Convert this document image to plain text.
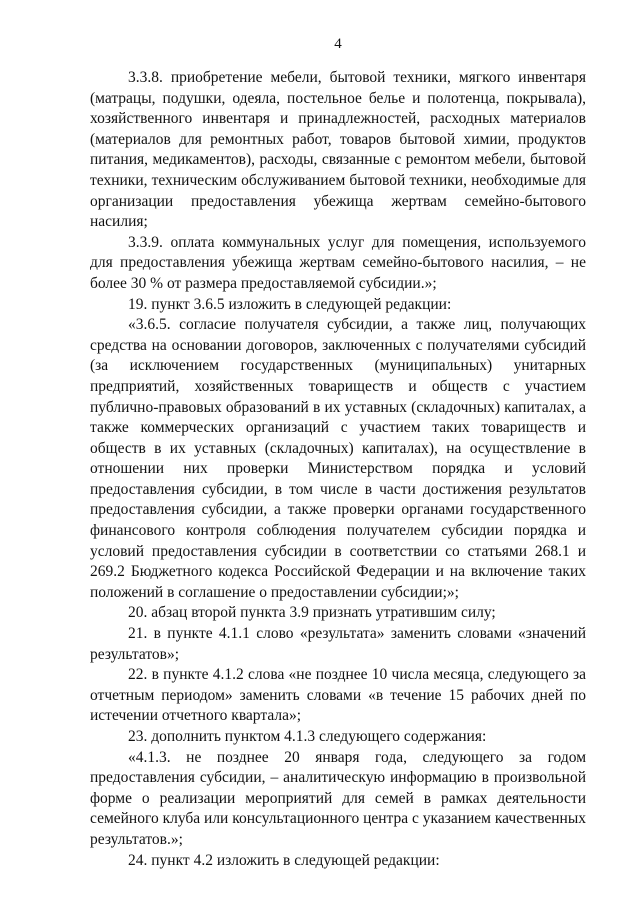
4

3.3.8. приобретение мебели, бытовой техники, мягкого инвентаря (матрацы, подушки, одеяла, постельное белье и полотенца, покрывала), хозяйственного инвентаря и принадлежностей, расходных материалов (материалов для ремонтных работ, товаров бытовой химии, продуктов питания, медикаментов), расходы, связанные с ремонтом мебели, бытовой техники, техническим обслуживанием бытовой техники, необходимые для организации предоставления убежища жертвам семейно-бытового насилия;

3.3.9. оплата коммунальных услуг для помещения, используемого для предоставления убежища жертвам семейно-бытового насилия, – не более 30 % от размера предоставляемой субсидии.»;

19. пункт 3.6.5 изложить в следующей редакции:

«3.6.5. согласие получателя субсидии, а также лиц, получающих средства на основании договоров, заключенных с получателями субсидий (за исключением государственных (муниципальных) унитарных предприятий, хозяйственных товариществ и обществ с участием публично-правовых образований в их уставных (складочных) капиталах, а также коммерческих организаций с участием таких товариществ и обществ в их уставных (складочных) капиталах), на осуществление в отношении них проверки Министерством порядка и условий предоставления субсидии, в том числе в части достижения результатов предоставления субсидии, а также проверки органами государственного финансового контроля соблюдения получателем субсидии порядка и условий предоставления субсидии в соответствии со статьями 268.1 и 269.2 Бюджетного кодекса Российской Федерации и на включение таких положений в соглашение о предоставлении субсидии;»;

20. абзац второй пункта 3.9 признать утратившим силу;

21. в пункте 4.1.1 слово «результата» заменить словами «значений результатов»;

22. в пункте 4.1.2 слова «не позднее 10 числа месяца, следующего за отчетным периодом» заменить словами «в течение 15 рабочих дней по истечении отчетного квартала»;

23. дополнить пунктом 4.1.3 следующего содержания:

«4.1.3. не позднее 20 января года, следующего за годом предоставления субсидии, – аналитическую информацию в произвольной форме о реализации мероприятий для семей в рамках деятельности семейного клуба или консультационного центра с указанием качественных результатов.»;

24. пункт 4.2 изложить в следующей редакции:
